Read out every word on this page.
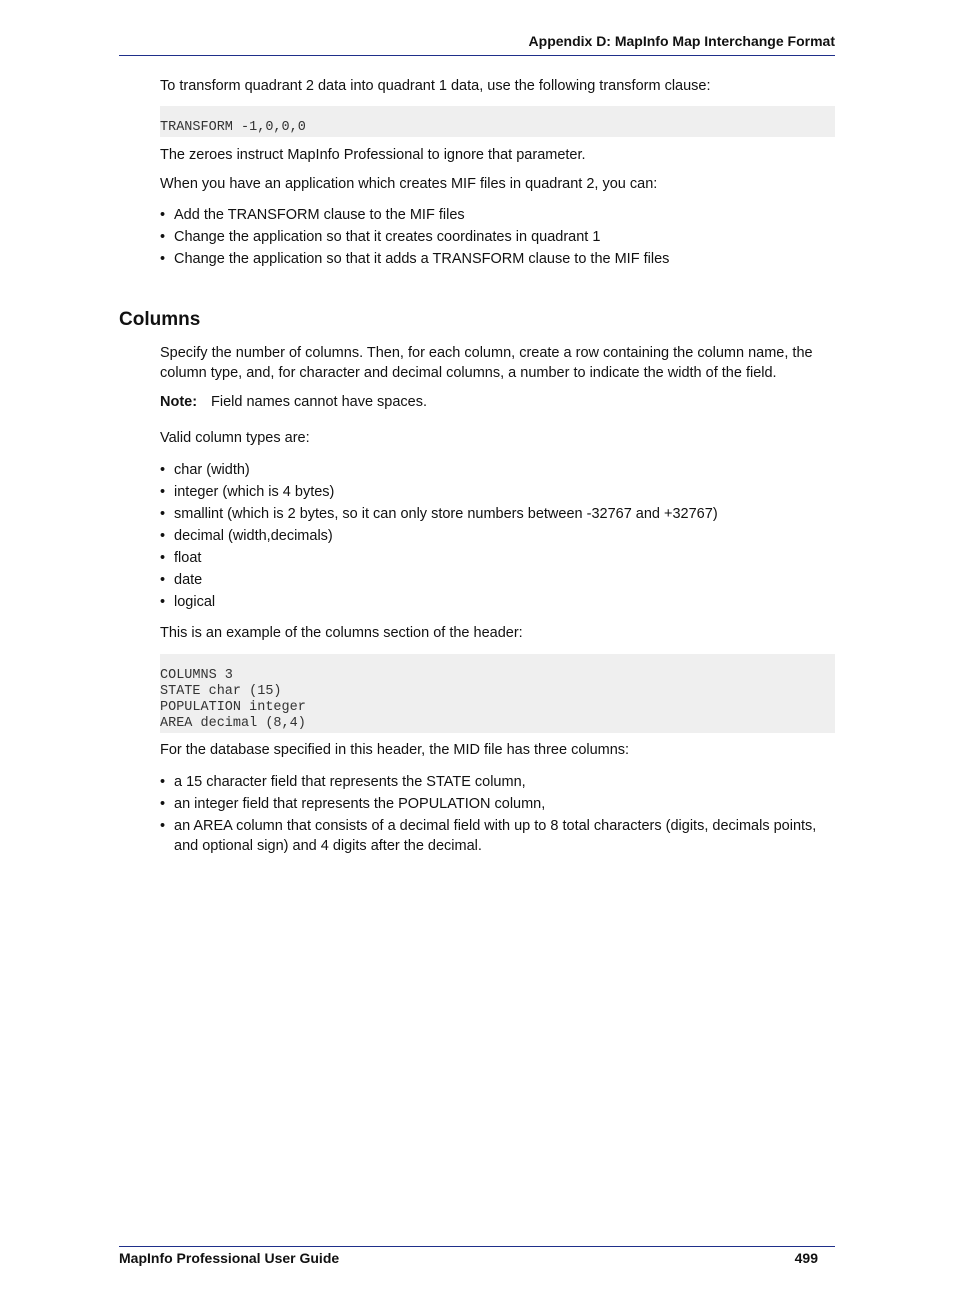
Appendix D: MapInfo Map Interchange Format

To transform quadrant 2 data into quadrant 1 data, use the following transform clause:

TRANSFORM -1,0,0,0

The zeroes instruct MapInfo Professional to ignore that parameter.

When you have an application which creates MIF files in quadrant 2, you can:

• Add the TRANSFORM clause to the MIF files
• Change the application so that it creates coordinates in quadrant 1
• Change the application so that it adds a TRANSFORM clause to the MIF files
Columns

Specify the number of columns. Then, for each column, create a row containing the column name, the column type, and, for character and decimal columns, a number to indicate the width of the field.

Note: Field names cannot have spaces.

Valid column types are:

• char (width)
• integer (which is 4 bytes)
• smallint (which is 2 bytes, so it can only store numbers between -32767 and +32767)
• decimal (width,decimals)
• float
• date
• logical

This is an example of the columns section of the header:

COLUMNS 3
STATE char (15)
POPULATION integer
AREA decimal (8,4)

For the database specified in this header, the MID file has three columns:

• a 15 character field that represents the STATE column,
• an integer field that represents the POPULATION column,
• an AREA column that consists of a decimal field with up to 8 total characters (digits, decimals points, and optional sign) and 4 digits after the decimal.
MapInfo Professional User Guide	499
